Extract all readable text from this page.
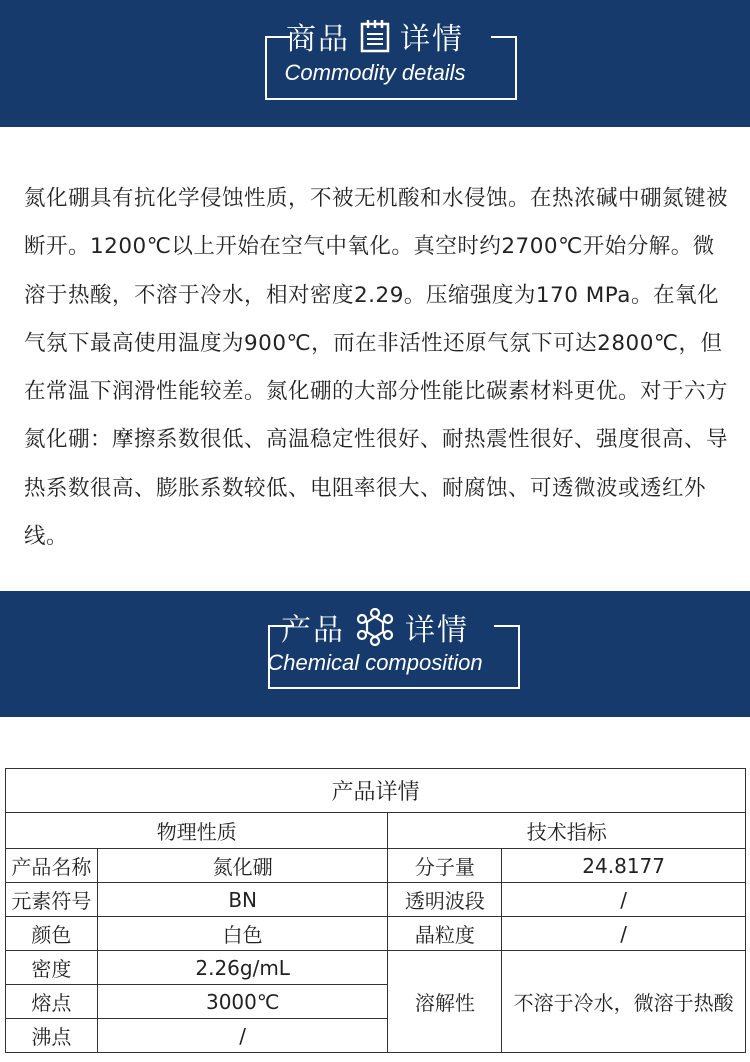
商品 详情
Commodity details
氮化硼具有抗化学侵蚀性质，不被无机酸和水侵蚀。在热浓碱中硼氮键被断开。1200℃以上开始在空气中氧化。真空时约2700℃开始分解。微溶于热酸，不溶于冷水，相对密度2.29。压缩强度为170 MPa。在氧化气氛下最高使用温度为900℃，而在非活性还原气氛下可达2800℃，但在常温下润滑性能较差。氮化硼的大部分性能比碳素材料更优。对于六方氮化硼：摩擦系数很低、高温稳定性很好、耐热震性很好、强度很高、导热系数很高、膨胀系数较低、电阻率很大、耐腐蚀、可透微波或透红外线。
产品 详情
Chemical composition
产品详情			
物理性质		技术指标	
产品名称	氮化硼	分子量	24.8177
元素符号	BN	透明波段	/
颜色	白色	晶粒度	/
密度	2.26g/mL	溶解性	不溶于冷水，微溶于热酸
熔点	3000℃		
沸点	/		
